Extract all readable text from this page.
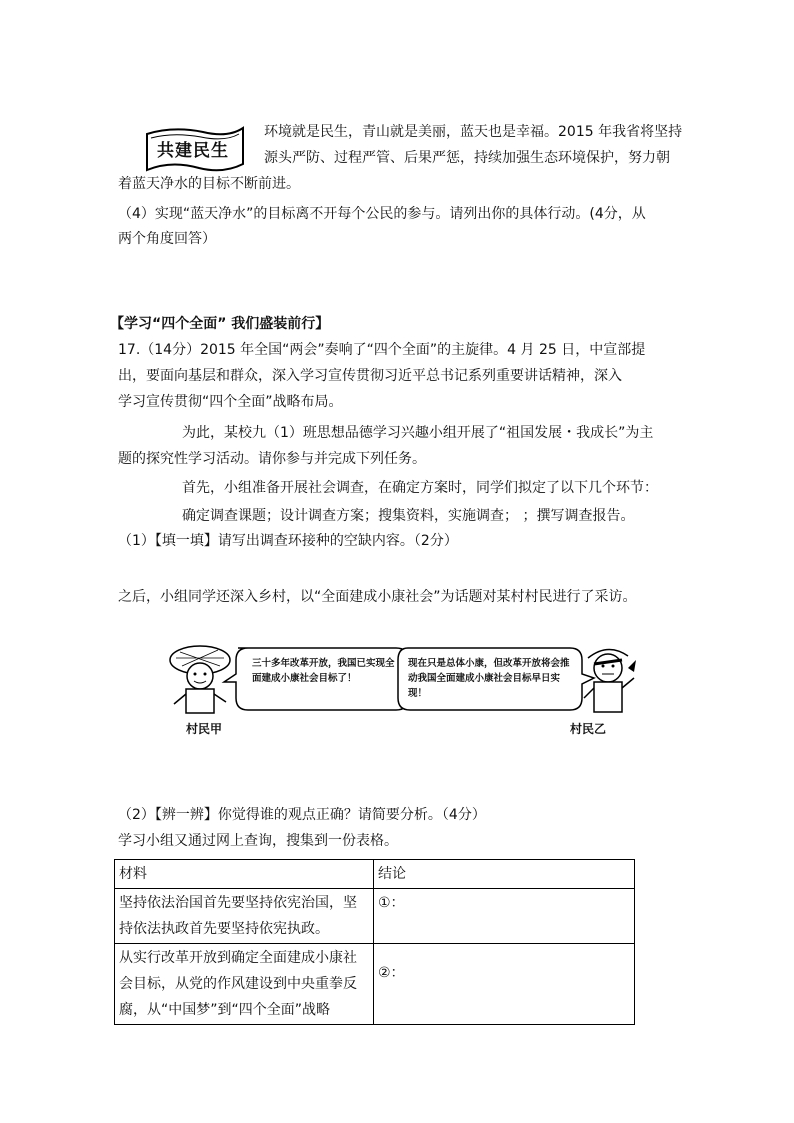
共建民生
环境就是民生，青山就是美丽，蓝天也是幸福。2015 年我省将坚持
源头严防、过程严管、后果严惩，持续加强生态环境保护，努力朝
着蓝天净水的目标不断前进。
（4）实现“蓝天净水”的目标离不开每个公民的参与。请列出你的具体行动。(4分，从
两个角度回答）
【学习“四个全面” 我们盛装前行】
17.（14分）2015 年全国“两会”奏响了“四个全面”的主旋律。4 月 25 日，中宣部提
出，要面向基层和群众，深入学习宣传贯彻习近平总书记系列重要讲话精神，深入
学习宣传贯彻“四个全面”战略布局。
为此，某校九（1）班思想品德学习兴趣小组开展了“祖国发展・我成长”为主
题的探究性学习活动。请你参与并完成下列任务。
首先，小组准备开展社会调查，在确定方案时，同学们拟定了以下几个环节：
确定调查课题；设计调查方案；搜集资料，实施调查； ；撰写调查报告。
（1）【填一填】请写出调查环接种的空缺内容。（2分）
之后，小组同学还深入乡村，以“全面建成小康社会”为话题对某村村民进行了采访。
三十多年改革开放，我国已实现全面建成小康社会目标了！
现在只是总体小康，但改革开放将会推动我国全面建成小康社会目标早日实现！
村民甲	村民乙
（2）【辨一辨】你觉得谁的观点正确？请简要分析。（4分）
学习小组又通过网上查询，搜集到一份表格。
材料	结论
坚持依法治国首先要坚持依宪治国，坚持依法执政首先要坚持依宪执政。	①：
从实行改革开放到确定全面建成小康社会目标，从党的作风建设到中央重拳反腐，从“中国梦”到“四个全面”战略	②：
